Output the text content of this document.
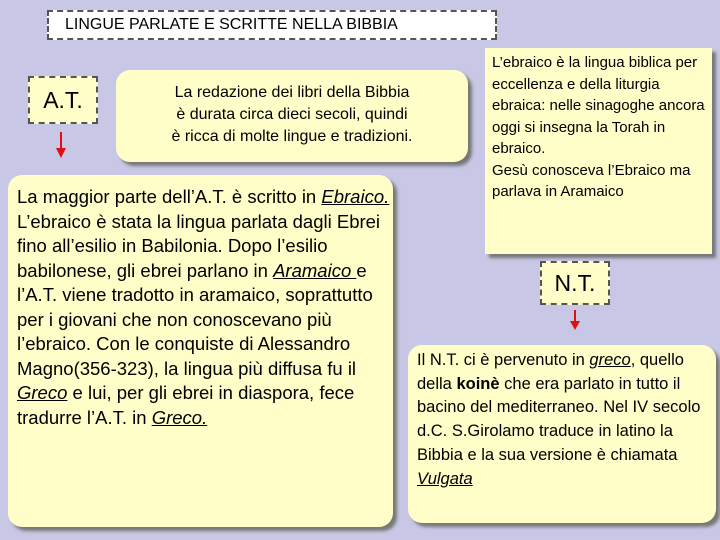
LINGUE PARLATE E SCRITTE NELLA BIBBIA
A.T.	La redazione dei libri della Bibbia
è durata circa dieci secoli, quindi
è ricca di molte lingue e tradizioni.
La maggior parte dell’A.T. è scritto in Ebraico. L’ebraico è stata la lingua parlata dagli Ebrei fino all’esilio in Babilonia. Dopo l’esilio babilonese, gli ebrei parlano in Aramaico e l’A.T. viene tradotto in aramaico, soprattutto per i giovani che non conoscevano più l’ebraico. Con le conquiste di Alessandro Magno(356-323), la lingua più diffusa fu il Greco e lui, per gli ebrei in diaspora, fece tradurre l’A.T. in Greco.
L’ebraico è la lingua biblica per eccellenza e della liturgia ebraica: nelle sinagoghe ancora oggi si insegna la Torah in ebraico.
Gesù conosceva l’Ebraico ma parlava in Aramaico
N.T.
Il N.T. ci è pervenuto in greco, quello della koinè che era parlato in tutto il bacino del mediterraneo. Nel IV secolo d.C. S.Girolamo traduce in latino la Bibbia e la sua versione è chiamata Vulgata
